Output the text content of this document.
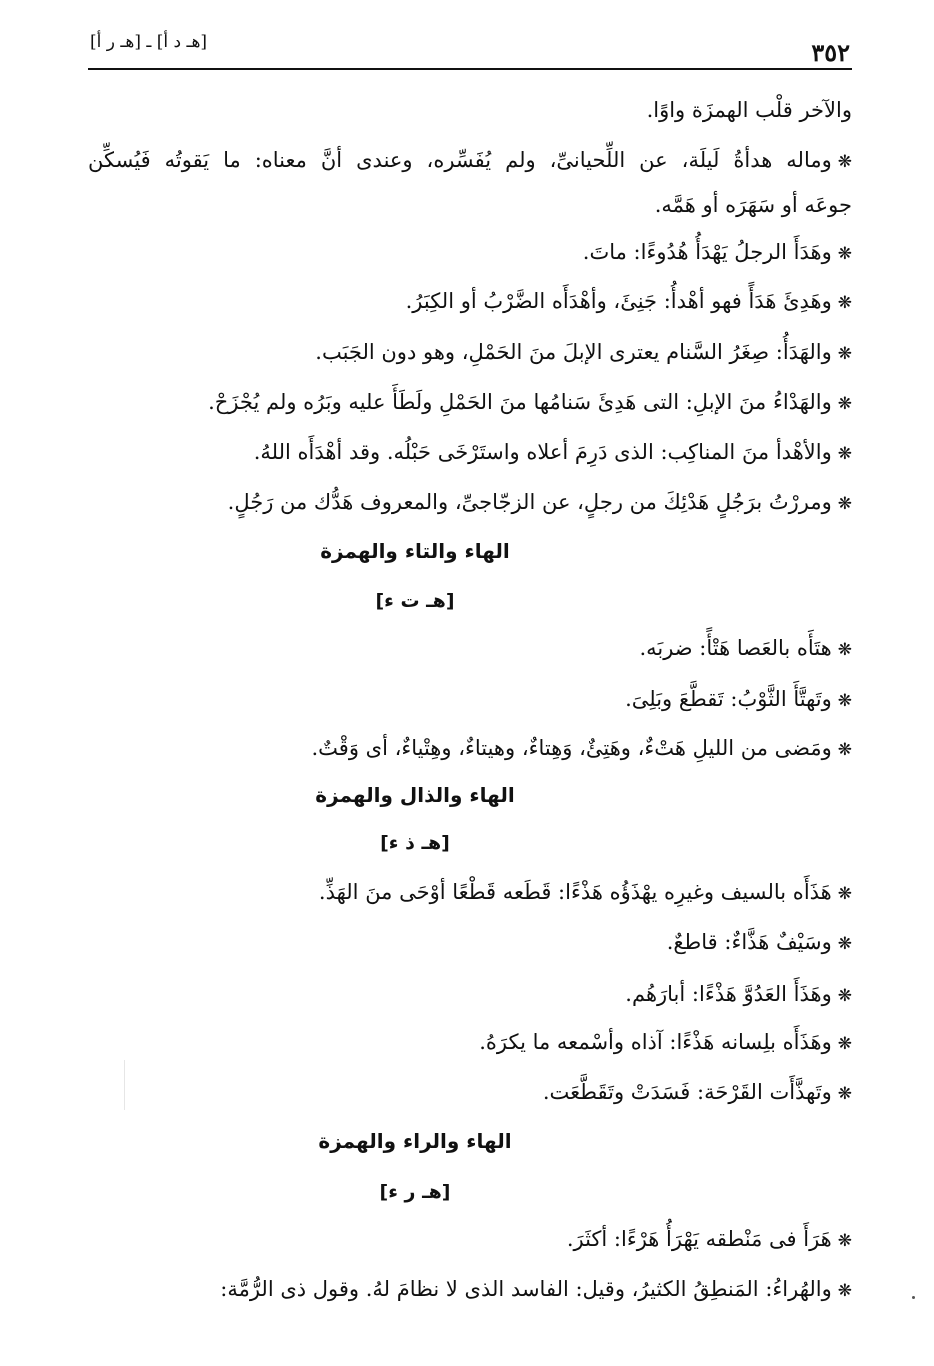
٣٥٢
[هـ د أ] ـ [هـ ر أ]
والآخر قلْب الهمزَة واوًا.
❋وماله هدأةُ لَيلَة، عن اللِّحيانىِّ، ولم يُفَسِّره، وعندى أنَّ معناه: ما يَقوتُه فَيُسكِّن
جوعَه أو سَهَرَه أو هَمَّه.
❋وهَدَأَ الرجلُ يَهْدَأُ هُدُوءًا: ماتَ.
❋وهَدِئَ هَدَأً فهو أهْدأُ: جَنِئَ، وأهْدَأَه الضَّرْبُ أو الكِبَرُ.
❋والهَدَأُ: صِغَرُ السَّنام يعترى الإبلَ منَ الحَمْلِ، وهو دون الجَبَب.
❋والهَدْاءُ منَ الإبلِ: التى هَدِئَ سَنامُها منَ الحَمْلِ ولَطَأَ عليه وبَرُه ولم يُجْزَحْ.
❋والأهْدأ منَ المناكِب: الذى دَرِمَ أعلاه واستَرْخَى حَبْلُه. وقد أهْدَأَه اللهُ.
❋ومررْتُ برَجُلٍ هَدْئِكَ من رجلٍ، عن الزجّاجىِّ، والمعروف هَدُّك من رَجُلٍ.
الهاء والتاء والهمزة
[هـ ت ء]
❋هتَأَه بالعَصا هَتْأً: ضربَه.
❋وتَهتَّأَ الثَّوْبُ: تَقطَّعَ وبَلِىَ.
❋ومَضى من الليلِ هَتْءٌ، وهَتِئٌ، وَهِتاءٌ، وهيتاءٌ، وهِتْياءٌ، أى وَقْتٌ.
الهاء والذال والهمزة
[هـ ذ ء]
❋هَذَأَه بالسيف وغيرِه يهْذَؤُه هَذْءًا: قَطَعه قَطْعًا أوْحَى منَ الهَذِّ.
❋وسَيْفٌ هَذَّاءٌ: قاطعٌ.
❋وهَذَأَ العَدُوَّ هَذْءًا: أبارَهُم.
❋وهَذَأَه بلِسانه هَذْءًا: آذاه وأسْمعه ما يكرَهُ.
❋وتَهذَّأَت القَرْحَة: فَسَدَتْ وتَقَطَّعَت.
الهاء والراء والهمزة
[هـ ر ء]
❋هَرَأَ فى مَنْطقه يَهْرَأُ هَرْءًا: أكثَرَ.
❋والهُراءُ: المَنطِقُ الكثيرُ، وقيل: الفاسد الذى لا نظامَ لهُ. وقول ذى الرُّمَّة:
